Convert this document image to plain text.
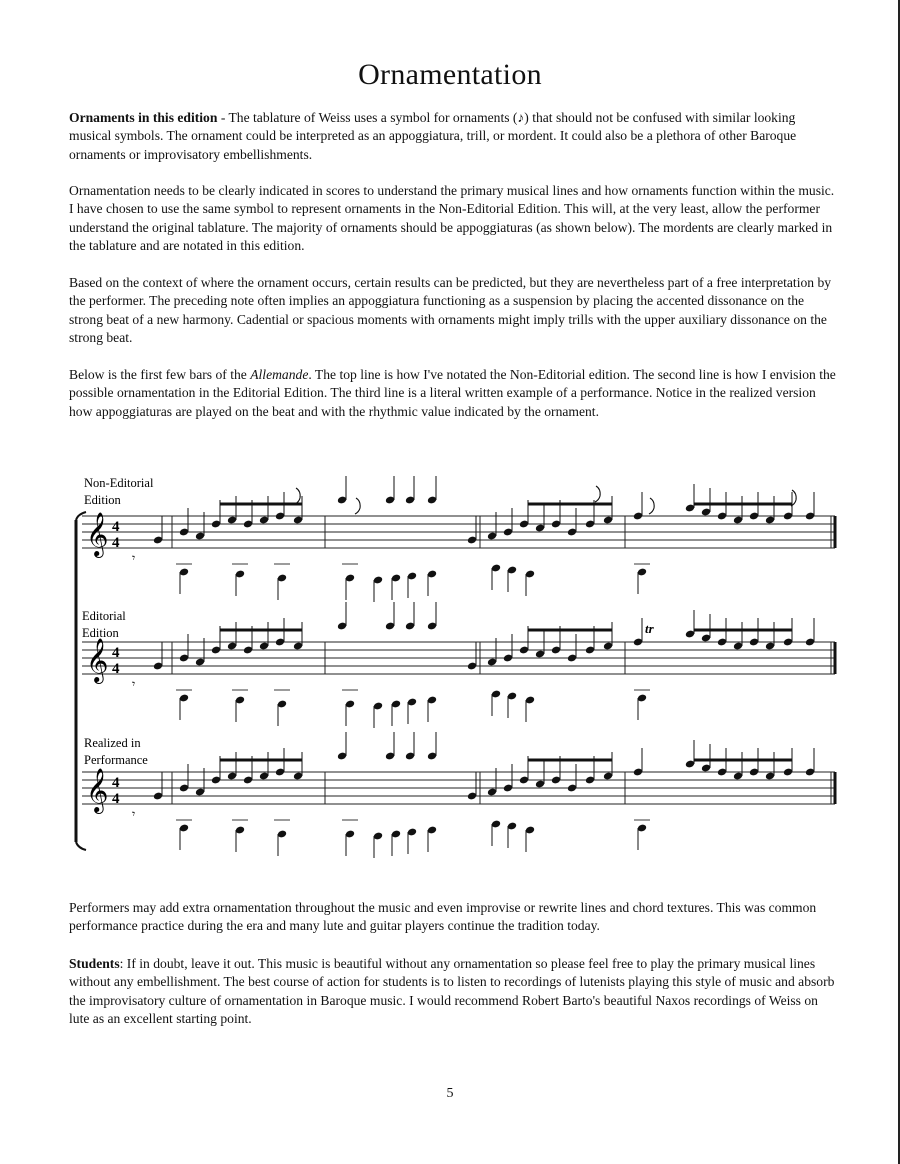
Ornamentation

Ornaments in this edition - The tablature of Weiss uses a symbol for ornaments (♪) that should not be confused with similar looking musical symbols. The ornament could be interpreted as an appoggiatura, trill, or mordent. It could also be a plethora of other Baroque ornaments or improvisatory embellishments.

Ornamentation needs to be clearly indicated in scores to understand the primary musical lines and how ornaments function within the music. I have chosen to use the same symbol to represent ornaments in the Non-Editorial Edition. This will, at the very least, allow the performer understand the original tablature. The majority of ornaments should be appoggiaturas (as shown below). The mordents are clearly marked in the tablature and are notated in this edition.

Based on the context of where the ornament occurs, certain results can be predicted, but they are nevertheless part of a free interpretation by the performer. The preceding note often implies an appoggiatura functioning as a suspension by placing the accented dissonance on the strong beat of a new harmony. Cadential or spacious moments with ornaments might imply trills with the upper auxiliary dissonance on the strong beat.

Below is the first few bars of the Allemande. The top line is how I've notated the Non-Editorial edition. The second line is how I envision the possible ornamentation in the Editorial Edition. The third line is a literal written example of a performance. Notice in the realized version how appoggiaturas are played on the beat and with the rhythmic value indicated by the ornament.

Non-Editorial
Edition
Editorial
Edition
Realized in
Performance
𝄞 4
4
𝄾
𝄞 4
4
𝄾
𝄞 4
4
𝄾
tr

Performers may add extra ornamentation throughout the music and even improvise or rewrite lines and chord textures. This was common performance practice during the era and many lute and guitar players continue the tradition today.

Students: If in doubt, leave it out. This music is beautiful without any ornamentation so please feel free to play the primary musical lines without any embellishment. The best course of action for students is to listen to recordings of lutenists playing this style of music and absorb the improvisatory culture of ornamentation in Baroque music. I would recommend Robert Barto's beautiful Naxos recordings of Weiss on lute as an excellent starting point.

5
